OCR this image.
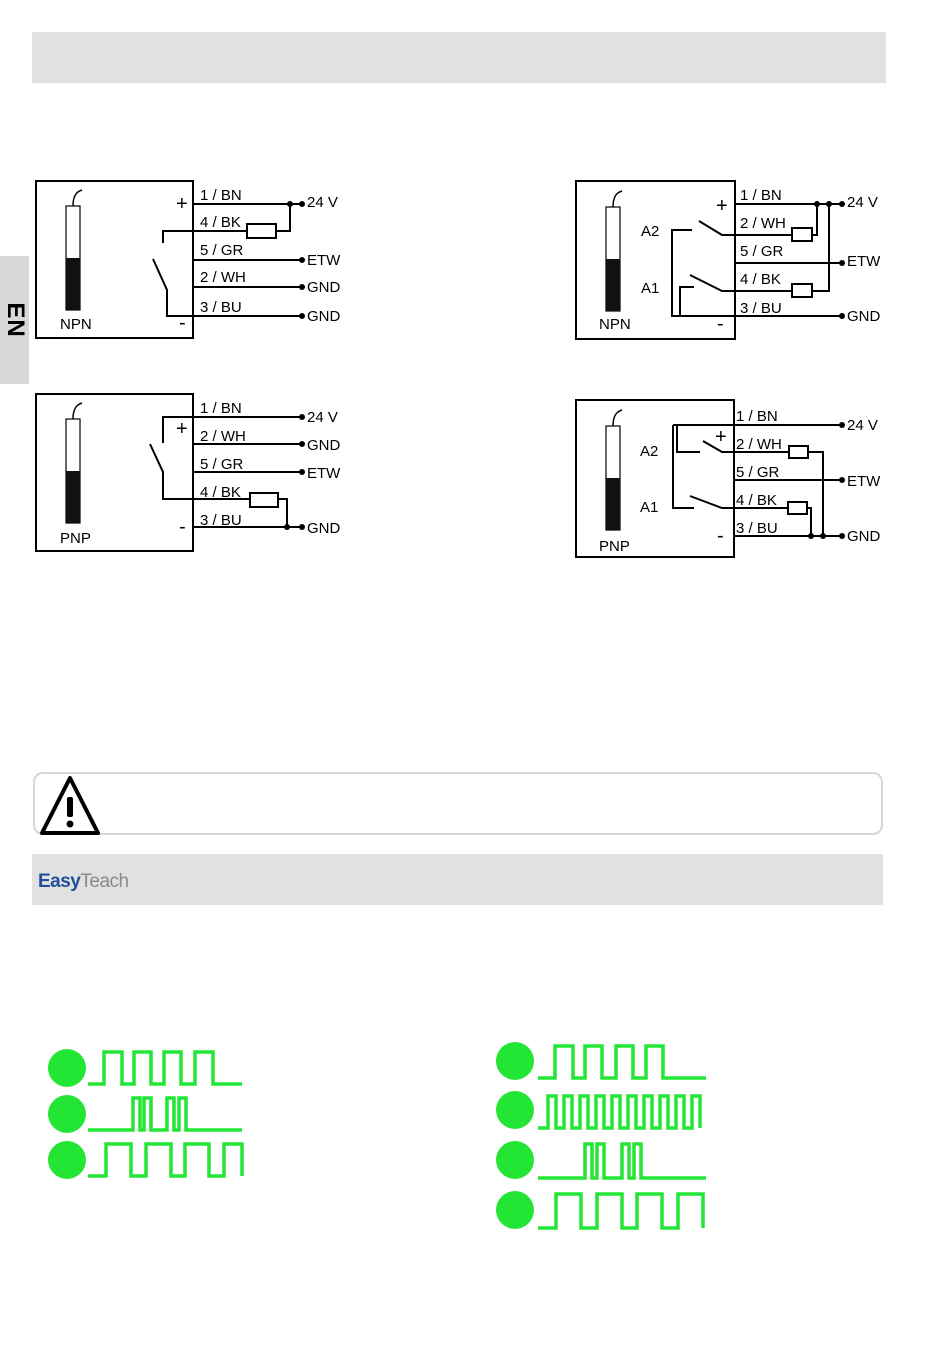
EN NPN
+
-
1 / BN
4 / BK
5 / GR
2 / WH
3 / BU
24 V
ETW
GND
GND
PNP
+
-
1 / BN
2 / WH
5 / GR
4 / BK
3 / BU
24 V
GND
ETW
GND
NPN
+
-
A2
A1
1 / BN
2 / WH
5 / GR
4 / BK
3 / BU
24 V
ETW
GND
PNP
+
-
A2
A1
1 / BN
2 / WH
5 / GR
4 / BK
3 / BU
24 V
ETW
GND
EasyTeach
